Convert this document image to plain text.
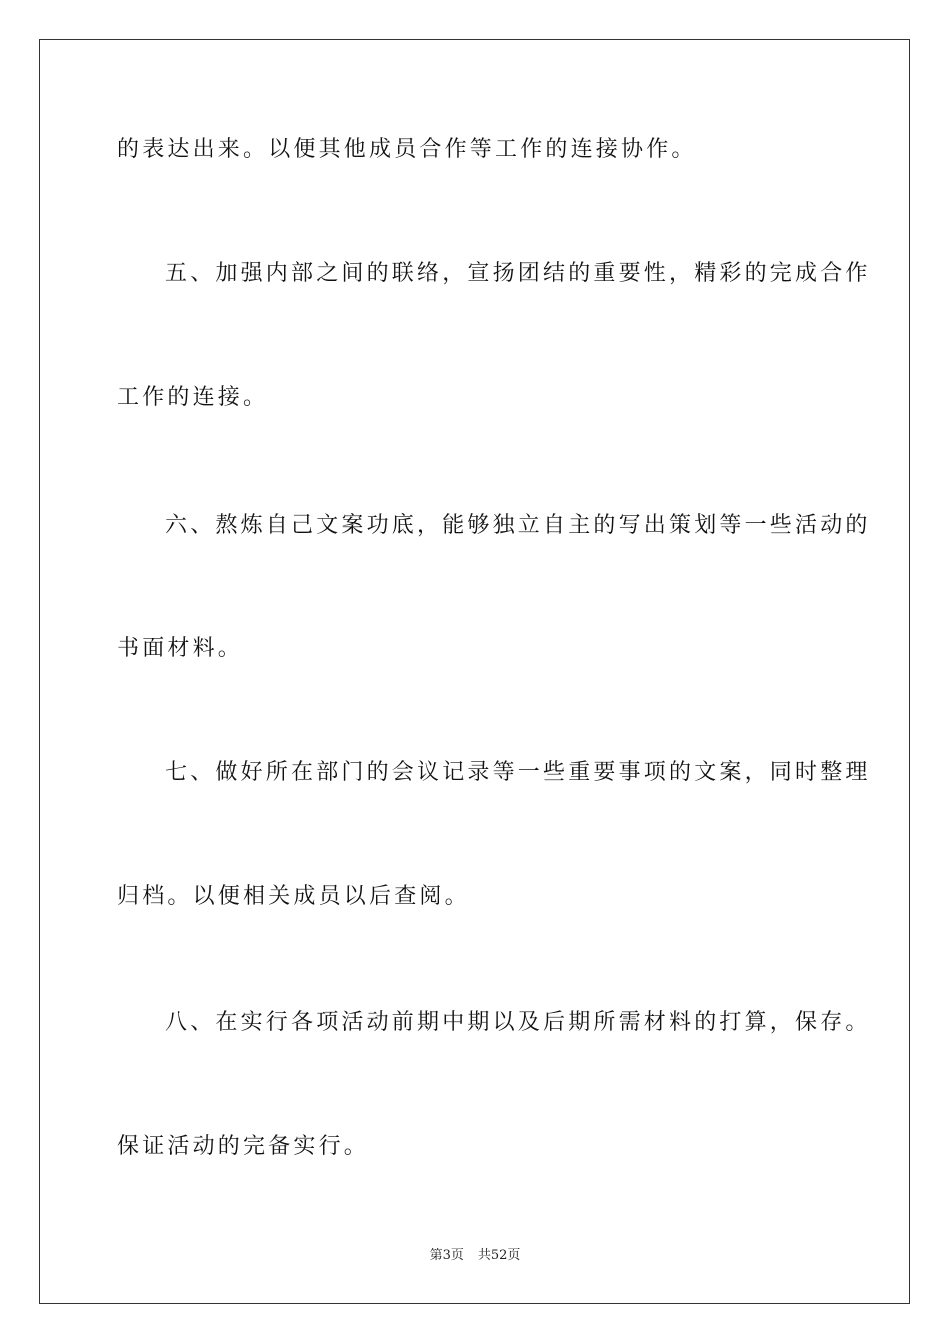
的表达出来。以便其他成员合作等工作的连接协作。
五、加强内部之间的联络，宣扬团结的重要性，精彩的完成合作
工作的连接。
六、熬炼自己文案功底，能够独立自主的写出策划等一些活动的
书面材料。
七、做好所在部门的会议记录等一些重要事项的文案，同时整理
归档。以便相关成员以后查阅。
八、在实行各项活动前期中期以及后期所需材料的打算，保存。
保证活动的完备实行。
第3页 共52页
